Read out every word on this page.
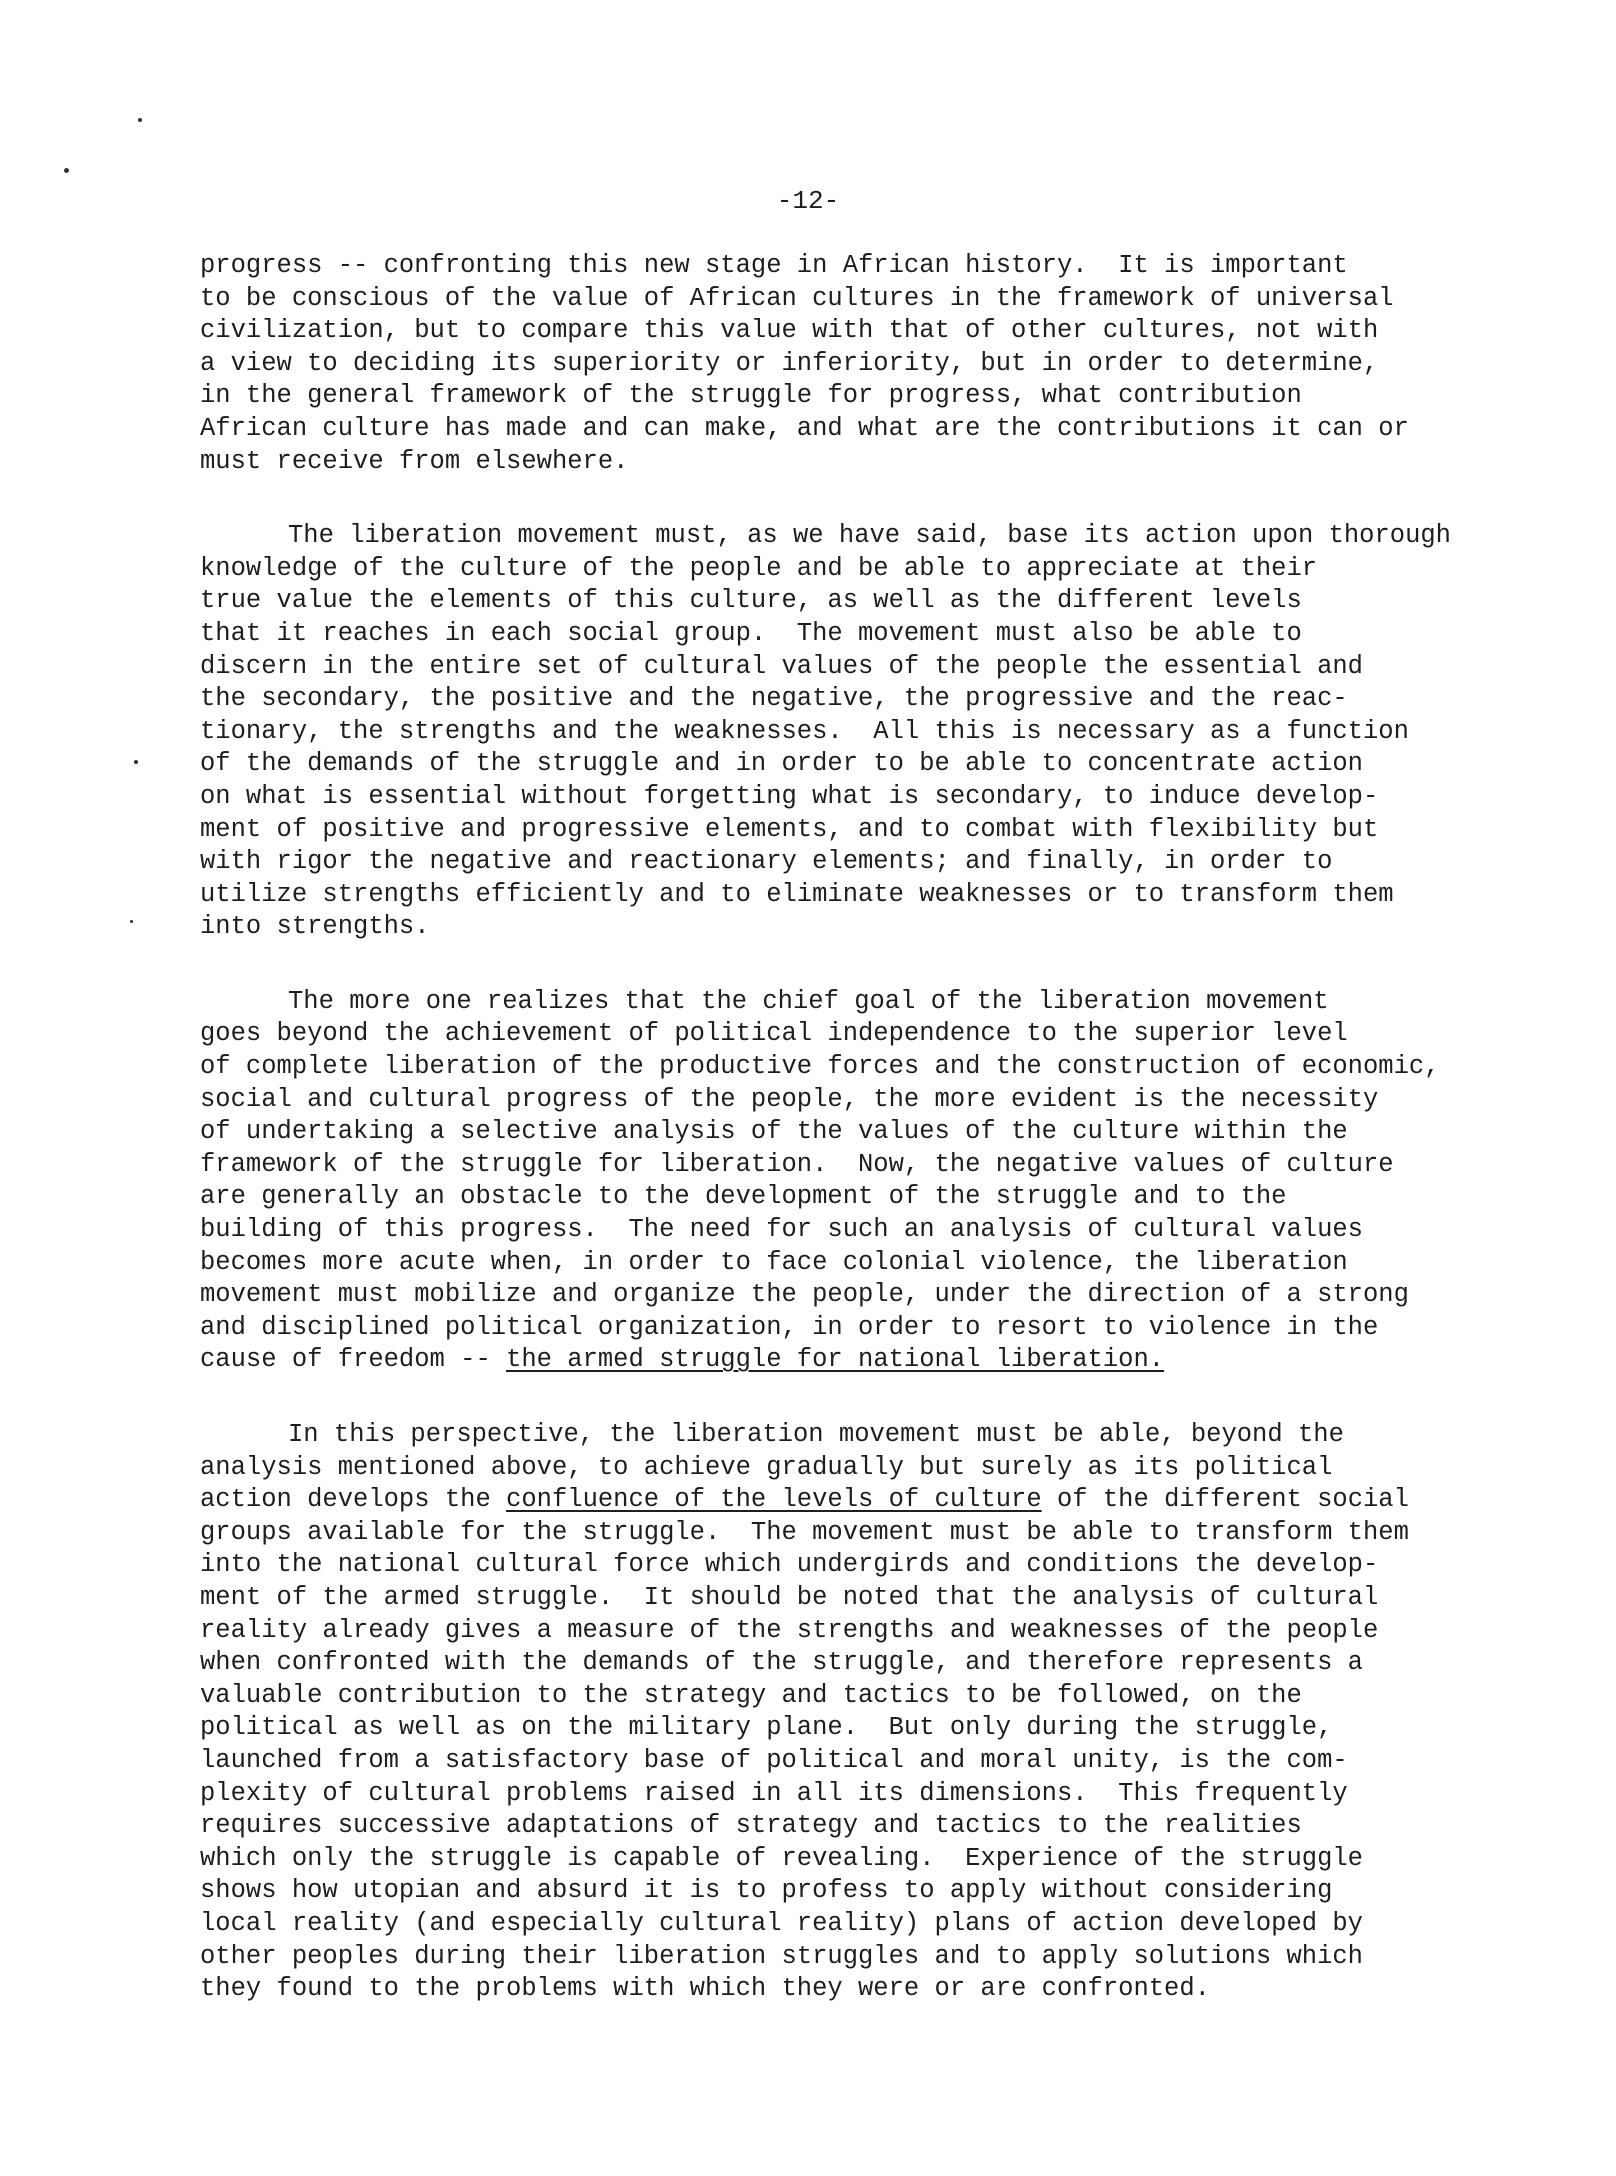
-12-
progress -- confronting this new stage in African history.  It is important
to be conscious of the value of African cultures in the framework of universal
civilization, but to compare this value with that of other cultures, not with
a view to deciding its superiority or inferiority, but in order to determine,
in the general framework of the struggle for progress, what contribution
African culture has made and can make, and what are the contributions it can or
must receive from elsewhere.
The liberation movement must, as we have said, base its action upon thorough
knowledge of the culture of the people and be able to appreciate at their
true value the elements of this culture, as well as the different levels
that it reaches in each social group.  The movement must also be able to
discern in the entire set of cultural values of the people the essential and
the secondary, the positive and the negative, the progressive and the reac-
tionary, the strengths and the weaknesses.  All this is necessary as a function
of the demands of the struggle and in order to be able to concentrate action
on what is essential without forgetting what is secondary, to induce develop-
ment of positive and progressive elements, and to combat with flexibility but
with rigor the negative and reactionary elements; and finally, in order to
utilize strengths efficiently and to eliminate weaknesses or to transform them
into strengths.
The more one realizes that the chief goal of the liberation movement
goes beyond the achievement of political independence to the superior level
of complete liberation of the productive forces and the construction of economic,
social and cultural progress of the people, the more evident is the necessity
of undertaking a selective analysis of the values of the culture within the
framework of the struggle for liberation.  Now, the negative values of culture
are generally an obstacle to the development of the struggle and to the
building of this progress.  The need for such an analysis of cultural values
becomes more acute when, in order to face colonial violence, the liberation
movement must mobilize and organize the people, under the direction of a strong
and disciplined political organization, in order to resort to violence in the
cause of freedom -- the armed struggle for national liberation.
In this perspective, the liberation movement must be able, beyond the
analysis mentioned above, to achieve gradually but surely as its political
action develops the confluence of the levels of culture of the different social
groups available for the struggle.  The movement must be able to transform them
into the national cultural force which undergirds and conditions the develop-
ment of the armed struggle.  It should be noted that the analysis of cultural
reality already gives a measure of the strengths and weaknesses of the people
when confronted with the demands of the struggle, and therefore represents a
valuable contribution to the strategy and tactics to be followed, on the
political as well as on the military plane.  But only during the struggle,
launched from a satisfactory base of political and moral unity, is the com-
plexity of cultural problems raised in all its dimensions.  This frequently
requires successive adaptations of strategy and tactics to the realities
which only the struggle is capable of revealing.  Experience of the struggle
shows how utopian and absurd it is to profess to apply without considering
local reality (and especially cultural reality) plans of action developed by
other peoples during their liberation struggles and to apply solutions which
they found to the problems with which they were or are confronted.
